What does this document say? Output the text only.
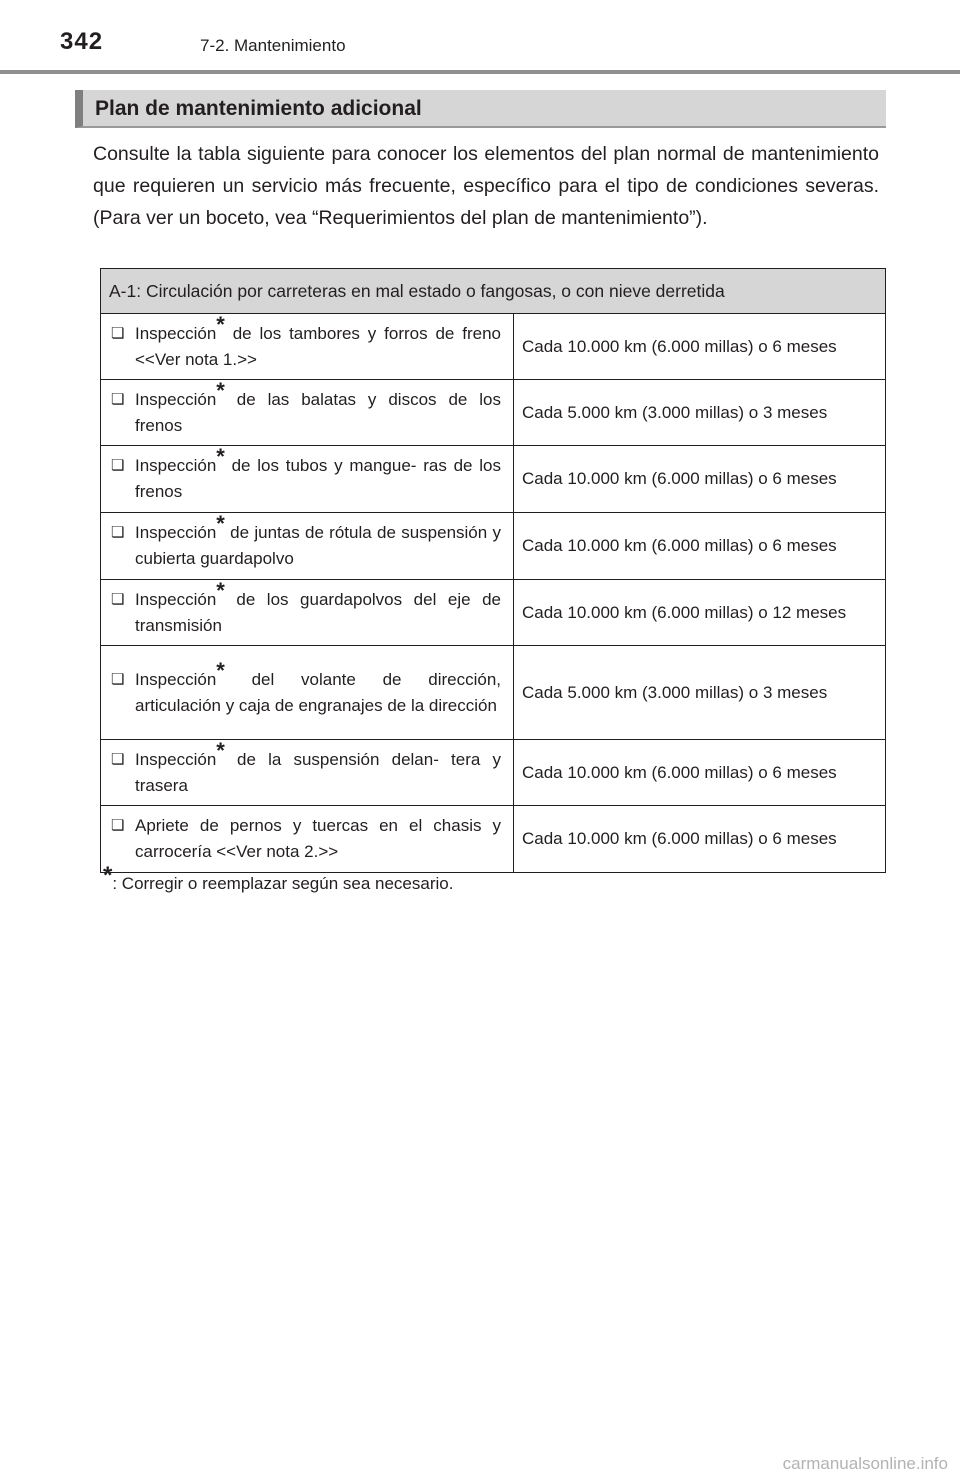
342	7-2. Mantenimiento
Plan de mantenimiento adicional
Consulte la tabla siguiente para conocer los elementos del plan normal de mantenimiento que requieren un servicio más frecuente, específico para el tipo de condiciones severas. (Para ver un boceto, vea “Requerimientos del plan de mantenimiento”).
A-1: Circulación por carreteras en mal estado o fangosas, o con nieve derretida	

❏ Inspección* de los tambores y forros de freno <<Ver nota 1.>>	Cada 10.000 km (6.000 millas) o 6 meses

❏ Inspección* de las balatas y discos de los frenos	Cada 5.000 km (3.000 millas) o 3 meses

❏ Inspección* de los tubos y mangue- ras de los frenos	Cada 10.000 km (6.000 millas) o 6 meses

❏ Inspección* de juntas de rótula de suspensión y cubierta guardapolvo	Cada 10.000 km (6.000 millas) o 6 meses

❏ Inspección* de los guardapolvos del eje de transmisión	Cada 10.000 km (6.000 millas) o 12 meses

❏ Inspección* del volante de dirección, articulación y caja de engranajes de la dirección	Cada 5.000 km (3.000 millas) o 3 meses

❏ Inspección* de la suspensión delan- tera y trasera	Cada 10.000 km (6.000 millas) o 6 meses

❏ Apriete de pernos y tuercas en el chasis y carrocería <<Ver nota 2.>>	Cada 10.000 km (6.000 millas) o 6 meses
*: Corregir o reemplazar según sea necesario.
carmanualsonline.info
